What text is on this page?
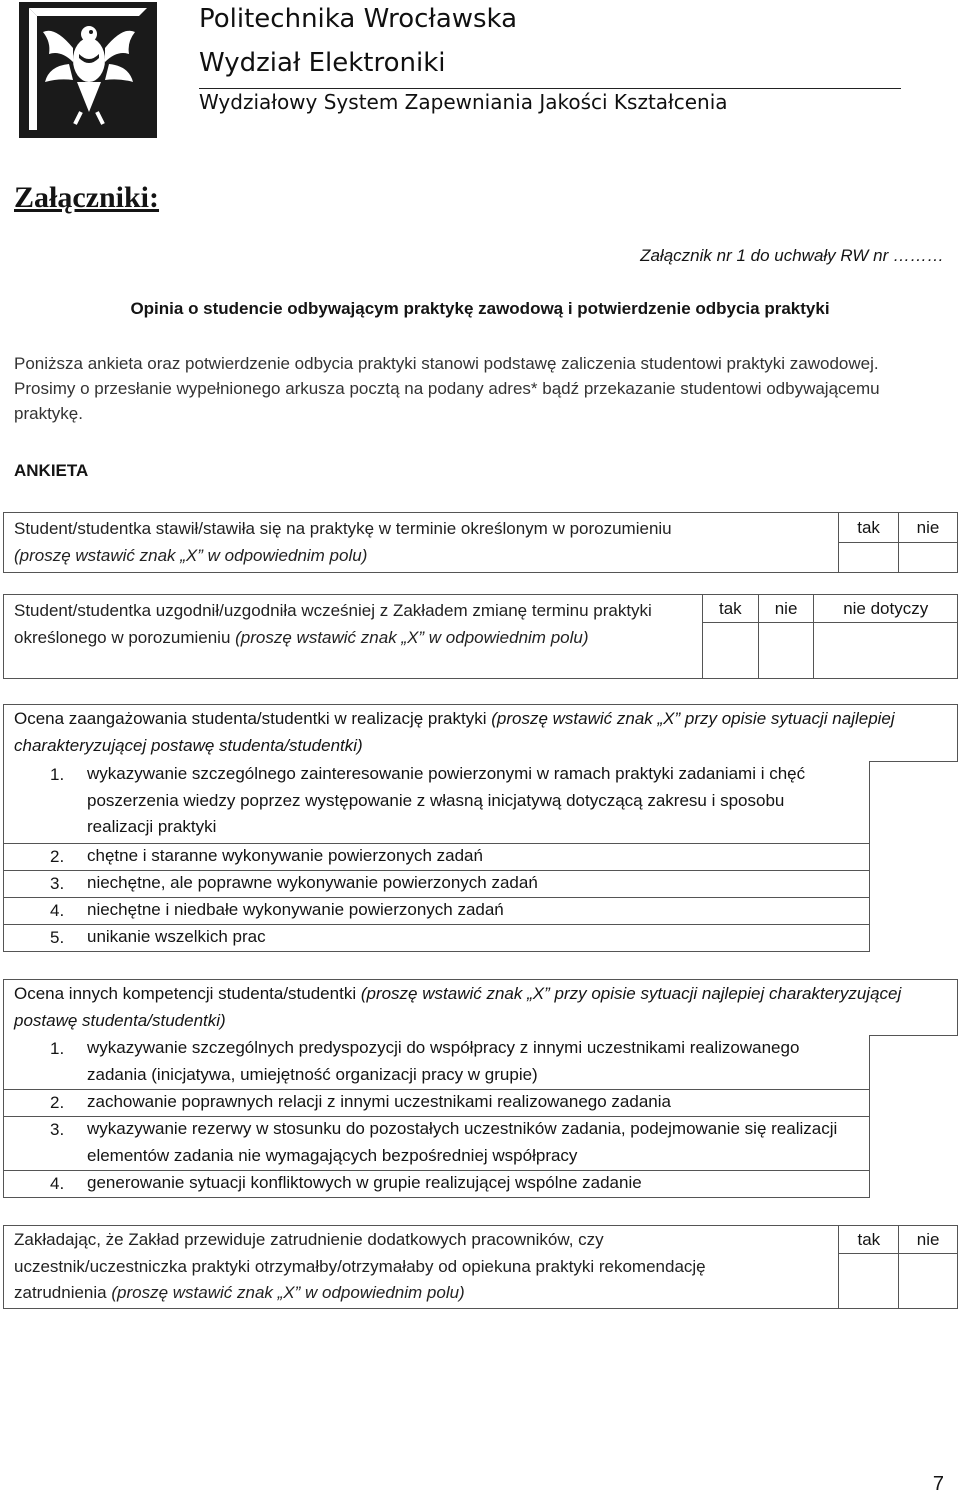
Politechnika Wrocławska
Wydział Elektroniki
Wydziałowy System Zapewniania Jakości Kształcenia
Załączniki:
Załącznik nr 1 do uchwały RW nr ………
Opinia o studencie odbywającym praktykę zawodową i potwierdzenie odbycia praktyki
Poniższa ankieta oraz potwierdzenie odbycia praktyki stanowi podstawę zaliczenia studentowi praktyki zawodowej. Prosimy o przesłanie wypełnionego arkusza pocztą na podany adres* bądź przekazanie studentowi odbywającemu praktykę.
ANKIETA
Student/studentka stawił/stawiła się na praktykę w terminie określonym w porozumieniu
(proszę wstawić znak „X” w odpowiednim polu)	tak	nie

Student/studentka uzgodnił/uzgodniła wcześniej z Zakładem zmianę terminu praktyki określonego w porozumieniu (proszę wstawić znak „X” w odpowiednim polu)	tak	nie	nie dotyczy

Ocena zaangażowania studenta/studentki w realizację praktyki (proszę wstawić znak „X” przy opisie sytuacji najlepiej charakteryzującej postawę studenta/studentki)
1. wykazywanie szczególnego zainteresowanie powierzonymi w ramach praktyki zadaniami i chęć poszerzenia wiedzy poprzez występowanie z własną inicjatywą dotyczącą zakresu i sposobu realizacji praktyki
2. chętne i staranne wykonywanie powierzonych zadań
3. niechętne, ale poprawne wykonywanie powierzonych zadań
4. niechętne i niedbałe wykonywanie powierzonych zadań
5. unikanie wszelkich prac
Ocena innych kompetencji studenta/studentki (proszę wstawić znak „X” przy opisie sytuacji najlepiej charakteryzującej postawę studenta/studentki)
1. wykazywanie szczególnych predyspozycji do współpracy z innymi uczestnikami realizowanego zadania (inicjatywa, umiejętność organizacji pracy w grupie)
2. zachowanie poprawnych relacji z innymi uczestnikami realizowanego zadania
3. wykazywanie rezerwy w stosunku do pozostałych uczestników zadania, podejmowanie się realizacji elementów zadania nie wymagających bezpośredniej współpracy
4. generowanie sytuacji konfliktowych w grupie realizującej wspólne zadanie
Zakładając, że Zakład przewiduje zatrudnienie dodatkowych pracowników, czy uczestnik/uczestniczka praktyki otrzymałby/otrzymałaby od opiekuna praktyki rekomendację zatrudnienia (proszę wstawić znak „X” w odpowiednim polu)	tak	nie

7
